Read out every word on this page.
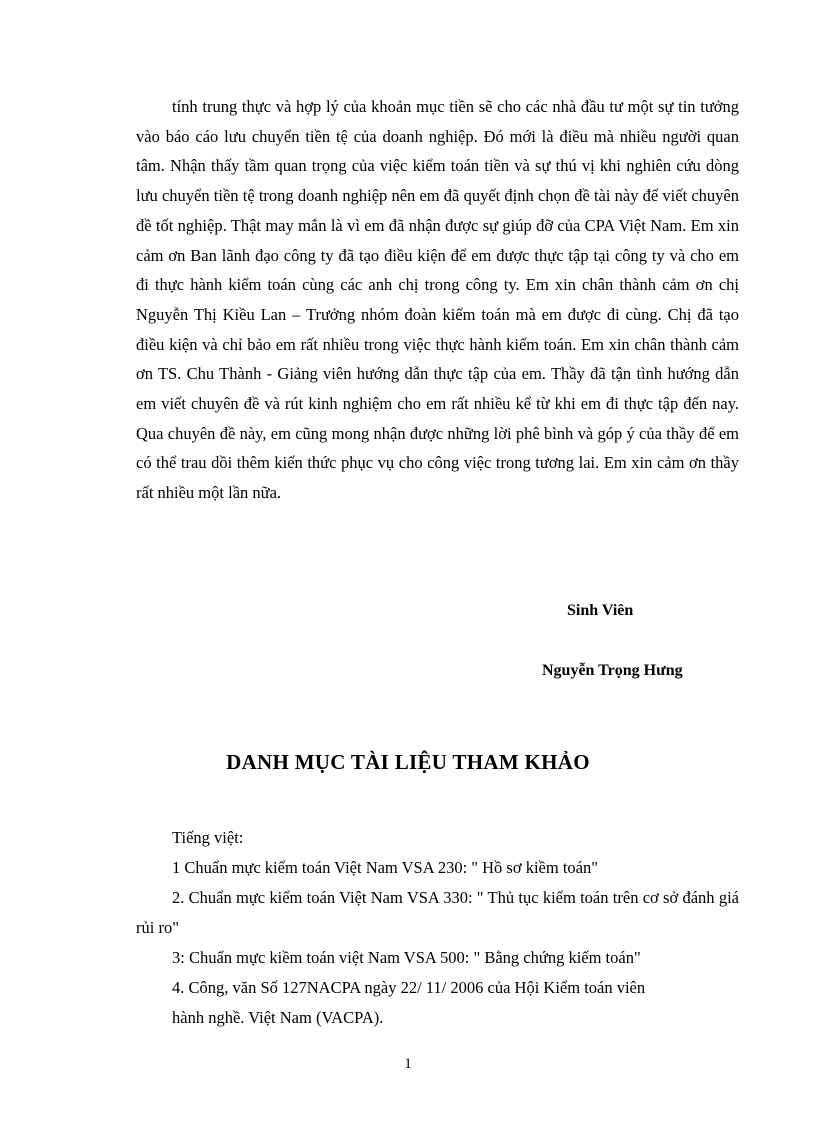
tính trung thực và hợp lý của khoản mục tiền sẽ cho các nhà đầu tư một sự tin tưởng vào báo cáo lưu chuyển tiền tệ của doanh nghiệp. Đó mới là điều mà nhiều người quan tâm. Nhận thấy tầm quan trọng của việc kiểm toán tiền và sự thú vị khi nghiên cứu dòng lưu chuyển tiền tệ trong doanh nghiệp nên em đã quyết định chọn đề tài này để viết chuyên đề tốt nghiệp. Thật may mắn là vì em đã nhận được sự giúp đỡ của CPA Việt Nam. Em xin cảm ơn Ban lãnh đạo công ty đã tạo điều kiện để em được thực tập tại công ty và cho em đi thực hành kiểm toán cùng các anh chị trong công ty. Em xin chân thành cảm ơn chị Nguyễn Thị Kiều Lan – Trưởng nhóm đoàn kiểm toán mà em được đi cùng. Chị đã tạo điều kiện và chỉ bảo em rất nhiều trong việc thực hành kiểm toán. Em xin chân thành cảm ơn TS. Chu Thành - Giảng viên hướng dẫn thực tập của em. Thầy đã tận tình hướng dẫn em viết chuyên đề và rút kinh nghiệm cho em rất nhiều kể từ khi em đi thực tập đến nay. Qua chuyên đề này, em cũng mong nhận được những lời phê bình và góp ý của thầy để em có thể trau dồi thêm kiến thức phục vụ cho công việc trong tương lai. Em xin cảm ơn thầy rất nhiều một lần nữa.

Sinh Viên

Nguyễn Trọng Hưng

DANH MỤC TÀI LIỆU THAM KHẢO
Tiếng việt:
1 Chuẩn mực kiểm toán Việt Nam VSA 230: " Hồ sơ kiềm toán"
2. Chuẩn mực kiểm toán Việt Nam VSA 330: " Thủ tục kiểm toán trên cơ sở đánh giá rủi ro"
3: Chuẩn mực kiềm toán việt Nam VSA 500: " Bằng chứng kiếm toán"
4. Công, văn Số 127NACPA ngày 22/ 11/ 2006 của Hội Kiểm toán viên
hành nghề. Việt Nam (VACPA).

1
